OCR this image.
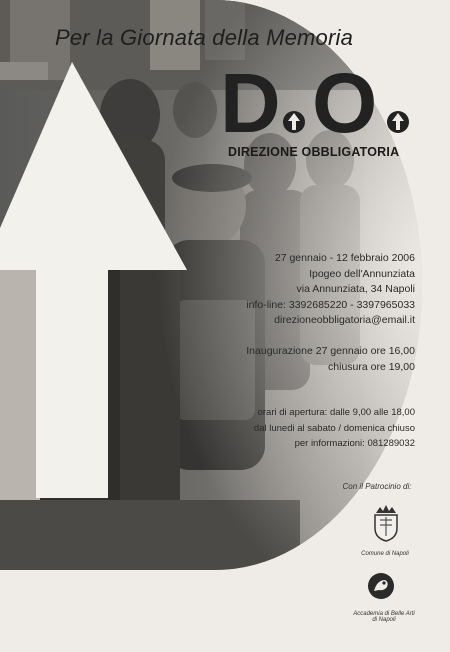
Per la Giornata della Memoria
D O
DIREZIONE OBBLIGATORIA
27 gennaio - 12 febbraio 2006
Ipogeo dell'Annunziata
via Annunziata, 34 Napoli
info-line: 3392685220 - 3397965033
direzioneobbligatoria@email.it
Inaugurazione 27 gennaio ore 16,00
chiusura ore 19,00
orari di apertura: dalle 9,00 alle 18,00
dal lunedi al sabato / domenica chiuso
per informazioni: 081289032
Con il Patrocinio di:
Comune di Napoli
Accademia di Belle Arti
di Napoli
